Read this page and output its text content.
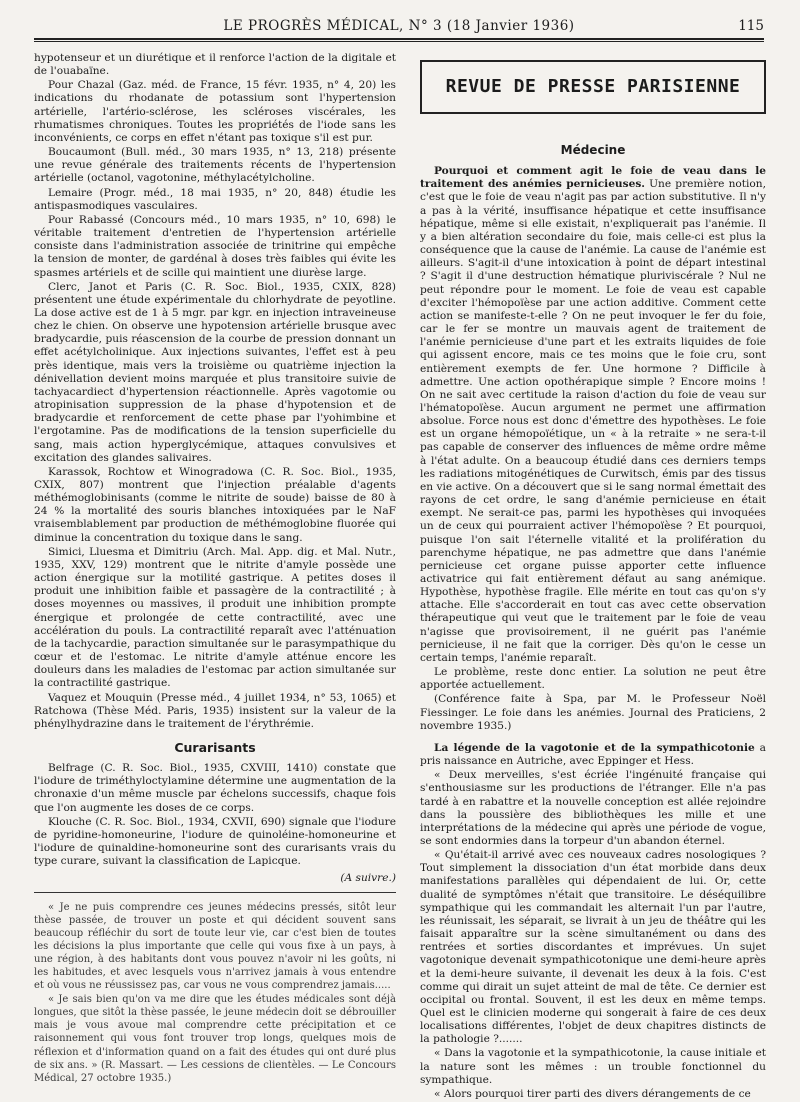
LE PROGRÈS MÉDICAL, N° 3 (18 Janvier 1936)	115

hypotenseur et un diurétique et il renforce l'action de la digitale et de l'ouabaïne.

Pour Chazal (Gaz. méd. de France, 15 févr. 1935, n° 4, 20) les indications du rhodanate de potassium sont l'hypertension artérielle, l'artério-sclérose, les scléroses viscérales, les rhumatismes chroniques. Toutes les propriétés de l'iode sans les inconvénients, ce corps en effet n'étant pas toxique s'il est pur.

Boucaumont (Bull. méd., 30 mars 1935, n° 13, 218) présente une revue générale des traitements récents de l'hypertension artérielle (octanol, vagotonine, méthylacétylcholine.

Lemaire (Progr. méd., 18 mai 1935, n° 20, 848) étudie les antispasmodiques vasculaires.

Pour Rabassé (Concours méd., 10 mars 1935, n° 10, 698) le véritable traitement d'entretien de l'hypertension artérielle consiste dans l'administration associée de trinitrine qui empêche la tension de monter, de gardénal à doses très faibles qui évite les spasmes artériels et de scille qui maintient une diurèse large.

Clerc, Janot et Paris (C. R. Soc. Biol., 1935, CXIX, 828) présentent une étude expérimentale du chlorhydrate de peyotline. La dose active est de 1 à 5 mgr. par kgr. en injection intraveineuse chez le chien. On observe une hypotension artérielle brusque avec bradycardie, puis réascension de la courbe de pression donnant un effet acétylcholinique. Aux injections suivantes, l'effet est à peu près identique, mais vers la troisième ou quatrième injection la dénivellation devient moins marquée et plus transitoire suivie de tachyacardiect d'hypertension réactionnelle. Après vagotomie ou atropinisation suppression de la phase d'hypotension et de bradycardie et renforcement de cette phase par l'yohimbine et l'ergotamine. Pas de modifications de la tension superficielle du sang, mais action hyperglycémique, attaques convulsives et excitation des glandes salivaires.

Karassok, Rochtow et Winogradowa (C. R. Soc. Biol., 1935, CXIX, 807) montrent que l'injection préalable d'agents méthémoglobinisants (comme le nitrite de soude) baisse de 80 à 24 % la mortalité des souris blanches intoxiquées par le NaF vraisemblablement par production de méthémoglobine fluorée qui diminue la concentration du toxique dans le sang.

Simici, Lluesma et Dimitriu (Arch. Mal. App. dig. et Mal. Nutr., 1935, XXV, 129) montrent que le nitrite d'amyle possède une action énergique sur la motilité gastrique. A petites doses il produit une inhibition faible et passagère de la contractilité ; à doses moyennes ou massives, il produit une inhibition prompte énergique et prolongée de cette contractilité, avec une accélération du pouls. La contractilité reparaît avec l'atténuation de la tachycardie, paraction simultanée sur le parasympathique du cœur et de l'estomac. Le nitrite d'amyle atténue encore les douleurs dans les maladies de l'estomac par action simultanée sur la contractilité gastrique.

Vaquez et Mouquin (Presse méd., 4 juillet 1934, n° 53, 1065) et Ratchowa (Thèse Méd. Paris, 1935) insistent sur la valeur de la phénylhydrazine dans le traitement de l'érythrémie.

Curarisants

Belfrage (C. R. Soc. Biol., 1935, CXVIII, 1410) constate que l'iodure de triméthyloctylamine détermine une augmentation de la chronaxie d'un même muscle par échelons successifs, chaque fois que l'on augmente les doses de ce corps.

Klouche (C. R. Soc. Biol., 1934, CXVII, 690) signale que l'iodure de pyridine-homoneurine, l'iodure de quinoléine-homoneurine et l'iodure de quinaldine-homoneurine sont des curarisants vrais du type curare, suivant la classification de Lapicque.

(A suivre.)

« Je ne puis comprendre ces jeunes médecins pressés, sitôt leur thèse passée, de trouver un poste et qui décident souvent sans beaucoup réfléchir du sort de toute leur vie, car c'est bien de toutes les décisions la plus importante que celle qui vous fixe à un pays, à une région, à des habitants dont vous pouvez n'avoir ni les goûts, ni les habitudes, et avec lesquels vous n'arrivez jamais à vous entendre et où vous ne réussissez pas, car vous ne vous comprendrez jamais.....

« Je sais bien qu'on va me dire que les études médicales sont déjà longues, que sitôt la thèse passée, le jeune médecin doit se débrouiller mais je vous avoue mal comprendre cette précipitation et ce raisonnement qui vous font trouver trop longs, quelques mois de réflexion et d'information quand on a fait des études qui ont duré plus de six ans. » (R. Massart. — Les cessions de clientèles. — Le Concours Médical, 27 octobre 1935.)

REVUE DE PRESSE PARISIENNE
Médecine

Pourquoi et comment agit le foie de veau dans le traitement des anémies pernicieuses. Une première notion, c'est que le foie de veau n'agit pas par action substitutive. Il n'y a pas à la vérité, insuffisance hépatique et cette insuffisance hépatique, même si elle existait, n'expliquerait pas l'anémie. Il y a bien altération secondaire du foie, mais celle-ci est plus la conséquence que la cause de l'anémie. La cause de l'anémie est ailleurs. S'agit-il d'une intoxication à point de départ intestinal ? S'agit il d'une destruction hématique pluriviscérale ? Nul ne peut répondre pour le moment. Le foie de veau est capable d'exciter l'hémopoïèse par une action additive. Comment cette action se manifeste-t-elle ? On ne peut invoquer le fer du foie, car le fer se montre un mauvais agent de traitement de l'anémie pernicieuse d'une part et les extraits liquides de foie qui agissent encore, mais ce tes moins que le foie cru, sont entièrement exempts de fer. Une hormone ? Difficile à admettre. Une action opothérapique simple ? Encore moins ! On ne sait avec certitude la raison d'action du foie de veau sur l'hématopoïèse. Aucun argument ne permet une affirmation absolue. Force nous est donc d'émettre des hypothèses. Le foie est un organe hémopoïétique, un « à la retraite » ne sera-t-il pas capable de conserver des influences de même ordre même à l'état adulte. On a beaucoup étudié dans ces derniers temps les radiations mitogénétiques de Curwitsch, émis par des tissus en vie active. On a découvert que si le sang normal émettait des rayons de cet ordre, le sang d'anémie pernicieuse en était exempt. Ne serait-ce pas, parmi les hypothèses qui invoquées un de ceux qui pourraient activer l'hémopoïèse ? Et pourquoi, puisque l'on sait l'éternelle vitalité et la prolifération du parenchyme hépatique, ne pas admettre que dans l'anémie pernicieuse cet organe puisse apporter cette influence activatrice qui fait entièrement défaut au sang anémique. Hypothèse, hypothèse fragile. Elle mérite en tout cas qu'on s'y attache. Elle s'accorderait en tout cas avec cette observation thérapeutique qui veut que le traitement par le foie de veau n'agisse que provisoirement, il ne guérit pas l'anémie pernicieuse, il ne fait que la corriger. Dès qu'on le cesse un certain temps, l'anémie reparaît.

Le problème, reste donc entier. La solution ne peut être apportée actuellement.

(Conférence faite à Spa, par M. le Professeur Noël Fiessinger. Le foie dans les anémies. Journal des Praticiens, 2 novembre 1935.)

La légende de la vagotonie et de la sympathicotonie a pris naissance en Autriche, avec Eppinger et Hess.

« Deux merveilles, s'est écriée l'ingénuité française qui s'enthousiasme sur les productions de l'étranger. Elle n'a pas tardé à en rabattre et la nouvelle conception est allée rejoindre dans la poussière des bibliothèques les mille et une interprétations de la médecine qui après une période de vogue, se sont endormies dans la torpeur d'un abandon éternel.

« Qu'était-il arrivé avec ces nouveaux cadres nosologiques ? Tout simplement la dissociation d'un état morbide dans deux manifestations parallèles qui dépendaient de lui. Or, cette dualité de symptômes n'était que transitoire. Le déséquilibre sympathique qui les commandait les alternait l'un par l'autre, les réunissait, les séparait, se livrait à un jeu de théâtre qui les faisait apparaître sur la scène simultanément ou dans des rentrées et sorties discordantes et imprévues. Un sujet vagotonique devenait sympathicotonique une demi-heure après et la demi-heure suivante, il devenait les deux à la fois. C'est comme qui dirait un sujet atteint de mal de tête. Ce dernier est occipital ou frontal. Souvent, il est les deux en même temps. Quel est le clinicien moderne qui songerait à faire de ces deux localisations différentes, l'objet de deux chapitres distincts de la pathologie ?.......

« Dans la vagotonie et la sympathicotonie, la cause initiale et la nature sont les mêmes : un trouble fonctionnel du sympathique.

« Alors pourquoi tirer parti des divers dérangements de ce
